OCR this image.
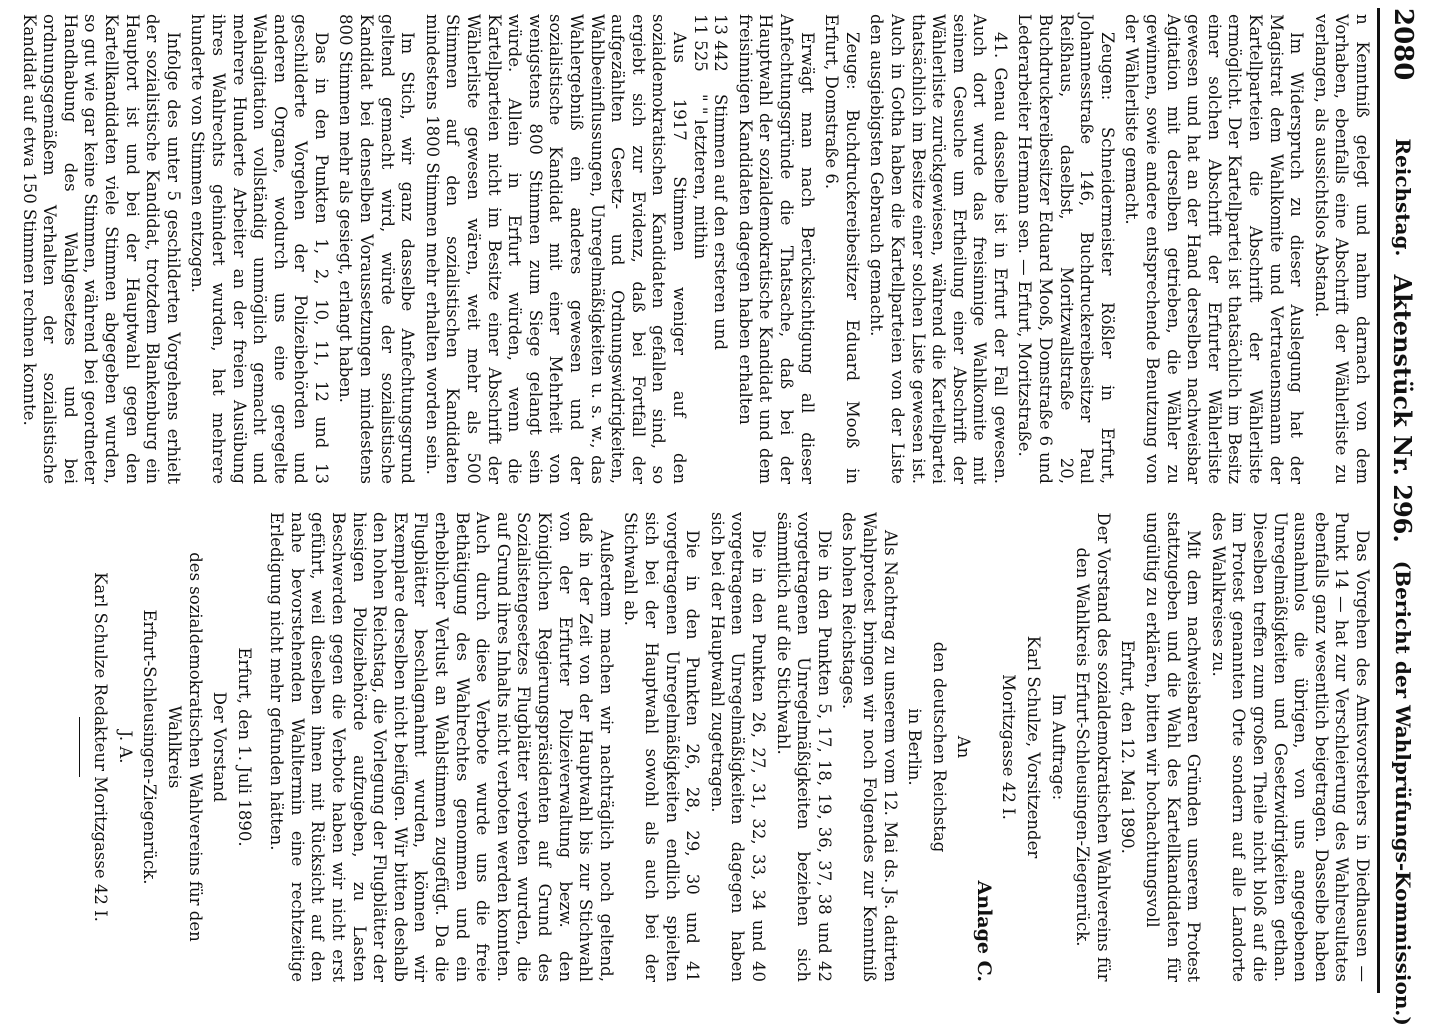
2080
Reichstag.
Aktenstück Nr. 296.
(Bericht der Wahlprüfungs-Kommission.)

n Kenntniß gelegt und nahm darnach von dem Vorhaben, ebenfalls eine Abschrift der Wählerliste zu verlangen, als aussichtslos Abstand.

Im Widerspruch zu dieser Auslegung hat der Magistrat dem Wahlkomite und Vertrauensmann der Kartellparteien die Abschrift der Wählerliste ermöglicht. Der Kartellpartei ist thatsächlich im Besitz einer solchen Abschrift der Erfurter Wählerliste gewesen und hat an der Hand derselben nachweisbar Agitation mit derselben getrieben, die Wähler zu gewinnen, sowie andere entsprechende Benutzung von der Wählerliste gemacht.

Zeugen: Schneidermeister Rößler in Erfurt, Johannesstraße 146, Buchdruckereibesitzer Paul Reißhaus, daselbst, Moritzwallstraße 20, Buchdruckereibesitzer Eduard Mooß, Domstraße 6 und Lederarbeiter Hermann sen. — Erfurt, Moritzstraße.

41. Genau dasselbe ist in Erfurt der Fall gewesen. Auch dort wurde das freisinnige Wahlkomite mit seinem Gesuche um Ertheilung einer Abschrift der Wählerliste zurückgewiesen, während die Kartellpartei thatsächlich im Besitze einer solchen Liste gewesen ist. Auch in Gotha haben die Kartellparteien von der Liste den ausgiebigsten Gebrauch gemacht.

Zeuge: Buchdruckereibesitzer Eduard Mooß in Erfurt, Domstraße 6.

Erwägt man nach Berücksichtigung all dieser Anfechtungsgründe die Thatsache, daß bei der Hauptwahl der sozialdemokratische Kandidat und dem freisinnigen Kandidaten dagegen haben erhalten

13 442
Stimmen auf den ersteren und
11 525
" " letzteren, mithin

Aus 1917 Stimmen weniger auf den sozialdemokratischen Kandidaten gefallen sind, so ergiebt sich zur Evidenz, daß bei Fortfall der aufgezählten Gesetz- und Ordnungswidrigkeiten, Wahlbeeinflussungen, Unregelmäßigkeiten u. s. w., das Wahlergebniß ein anderes gewesen und der sozialistische Kandidat mit einer Mehrheit von wenigstens 800 Stimmen zum Siege gelangt sein würde. Allein in Erfurt würden, wenn die Kartellparteien nicht im Besitze einer Abschrift der Wählerliste gewesen wären, weit mehr als 500 Stimmen auf den sozialistischen Kandidaten mindestens 1800 Stimmen mehr erhalten worden sein.

Im Stich, wir ganz dasselbe Anfechtungsgrund geltend gemacht wird, würde der sozialistische Kandidat bei denselben Voraussetzungen mindestens 800 Stimmen mehr als gesiegt, erlangt haben.

Das in den Punkten 1, 2, 10, 11, 12 und 13 geschilderte Vorgehen der Polizeibehörden und anderen Organe, wodurch uns eine geregelte Wahlagitation vollständig unmöglich gemacht und mehrere Hunderte Arbeiter an der freien Ausübung ihres Wahlrechts gehindert wurden, hat mehrere hunderte von Stimmen entzogen.

Infolge des unter 5 geschilderten Vorgehens erhielt der sozialistische Kandidat, trotzdem Blankenburg ein Hauptort ist und bei der Hauptwahl gegen den Kartellkandidaten viele Stimmen abgegeben wurden, so gut wie gar keine Stimmen, während bei geordneter Handhabung des Wahlgesetzes und bei ordnungsgemäßem Verhalten der sozialistische Kandidat auf etwa 150 Stimmen rechnen konnte.

Das Vorgehen des Amtsvorstehers in Diedhausen — Punkt 14 — hat zur Verschleierung des Wahlresultates ebenfalls ganz wesentlich beigetragen. Dasselbe haben ausnahmlos die übrigen, von uns angegebenen Unregelmäßigkeiten und Gesetzwidrigkeiten gethan. Dieselben treffen zum großen Theile nicht bloß auf die im Protest genannten Orte sondern auf alle Landorte des Wahlkreises zu.

Mit dem nachweisbaren Gründen unserem Protest stattzugeben und die Wahl des Kartellkandidaten für ungültig zu erklären, bitten wir hochachtungsvoll

Erfurt, den 12. Mai 1890.

Der Vorstand des sozialdemokratischen Wahlvereins für den Wahlkreis Erfurt-Schleusingen-Ziegenrück.

Im Auftrage:

Karl Schulze, Vorsitzender

Moritzgasse 42 I.

Anlage C.

An

den deutschen Reichstag

in Berlin.

Als Nachtrag zu unserem vom 12. Mai ds. Js. datirten Wahlprotest bringen wir noch Folgendes zur Kenntniß des hohen Reichstages.

Die in den Punkten 5, 17, 18, 19, 36, 37, 38 und 42 vorgetragenen Unregelmäßigkeiten beziehen sich sämmtlich auf die Stichwahl.

Die in den Punkten 26, 27, 31, 32, 33, 34 und 40 vorgetragenen Unregelmäßigkeiten dagegen haben sich bei der Hauptwahl zugetragen.

Die in den Punkten 26, 28, 29, 30 und 41 vorgetragenen Unregelmäßigkeiten endlich spielten sich bei der Hauptwahl sowohl als auch bei der Stichwahl ab.

Außerdem machen wir nachträglich noch geltend, daß in der Zeit von der Hauptwahl bis zur Stichwahl von der Erfurter Polizeiverwaltung bezw. den Königlichen Regierungspräsidenten auf Grund des Sozialistengesetzes Flugblätter verboten wurden, die auf Grund ihres Inhalts nicht verboten werden konnten. Auch durch diese Verbote wurde uns die freie Bethätigung des Wahlrechtes genommen und ein erheblicher Verlust an Wahlstimmen zugefügt. Da die Flugblätter beschlagnahmt wurden, können wir Exemplare derselben nicht beifügen. Wir bitten deshalb den hohen Reichstag, die Vorlegung der Flugblätter der hiesigen Polizeibehörde aufzugeben, zu Lasten Beschwerden gegen die Verbote haben wir nicht erst geführt, weil dieselben ihnen mit Rücksicht auf den nahe bevorstehenden Wahltermin eine rechtzeitige Erledigung nicht mehr gefunden hätten.

Erfurt, den 1. Juli 1890.

Der Vorstand

des sozialdemokratischen Wahlvereins für den Wahlkreis

Erfurt-Schleusingen-Ziegenrück.

J. A.

Karl Schulze Redakteur Moritzgasse 42 I.
